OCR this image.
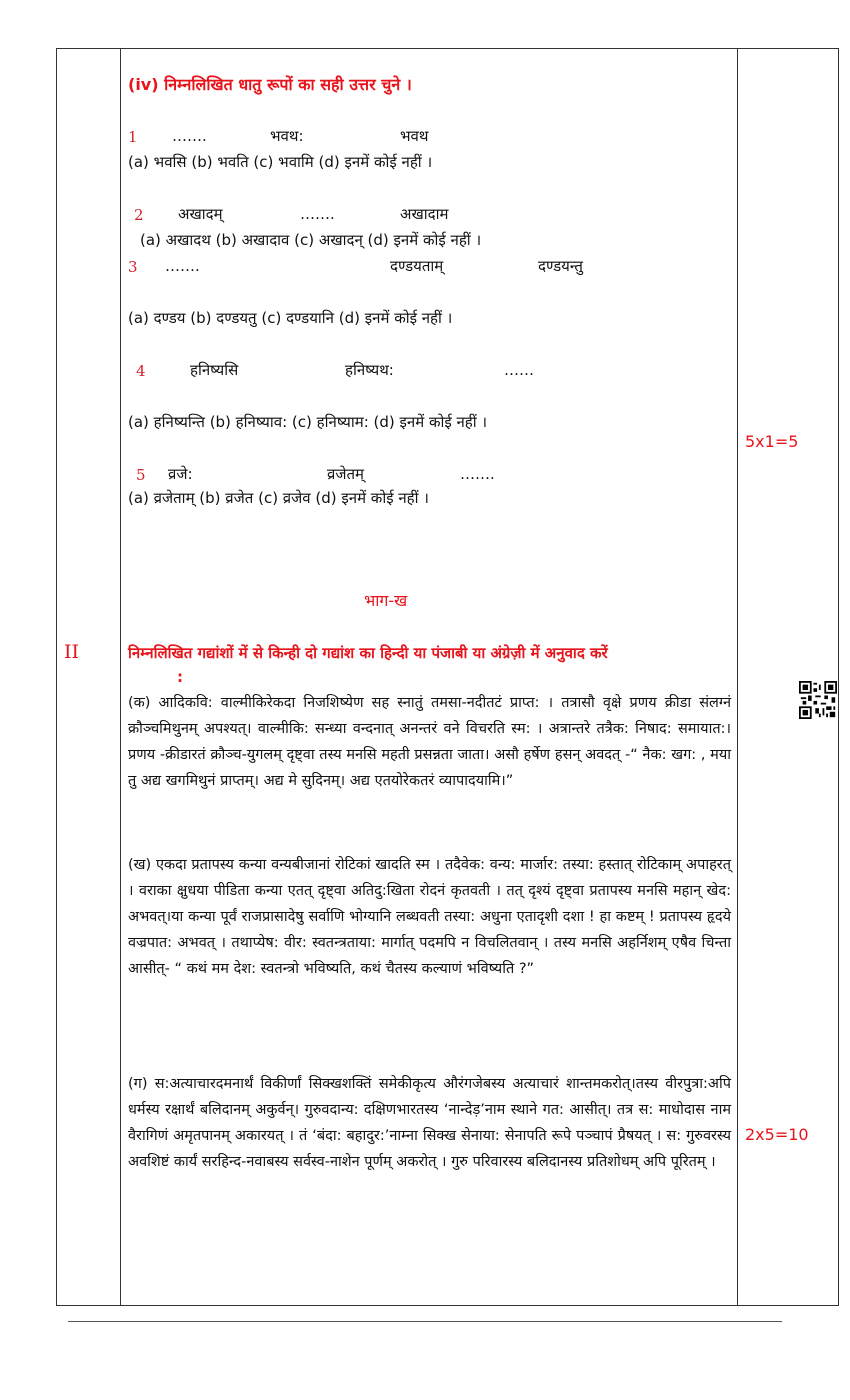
(iv) निम्नलिखित धातु रूपों का सही उत्तर चुने ।
1 …….	भवथ:	भवथ
(a) भवसि (b) भवति (c) भवामि (d) इनमें कोई नहीं ।
2 अखादम्	…….	अखादाम
(a) अखादथ (b) अखादाव (c) अखादन् (d) इनमें कोई नहीं ।
3 …….	दण्डयताम्	दण्डयन्तु
(a) दण्डय (b) दण्डयतु (c) दण्डयानि (d) इनमें कोई नहीं ।
4	हनिष्यसि	हनिष्यथ:	……
(a) हनिष्यन्ति (b) हनिष्याव: (c) हनिष्याम: (d) इनमें कोई नहीं ।
5 व्रजे:	व्रजेतम्	…….
(a) व्रजेताम् (b) व्रजेत (c) व्रजेव (d) इनमें कोई नहीं ।
5x1=5
भाग-ख
II	निम्नलिखित गद्यांशों में से किन्ही दो गद्यांश का हिन्दी या पंजाबी या अंग्रेज़ी में अनुवाद करें
:
(क) आदिकवि: वाल्मीकिरेकदा निजशिष्येण सह स्नातुं तमसा-नदीतटं प्राप्त: । तत्रासौ वृक्षे प्रणय क्रीडा संलग्नं क्रौञ्चमिथुनम् अपश्यत्। वाल्मीकि: सन्ध्या वन्दनात् अनन्तरं वने विचरति स्म: । अत्रान्तरे तत्रैक: निषाद: समायात:। प्रणय -क्रीडारतं क्रौञ्च-युगलम् दृष्ट्वा तस्य मनसि महती प्रसन्नता जाता। असौ हर्षेण हसन् अवदत् -“ नैक: खग: , मया तु अद्य खगमिथुनं प्राप्तम्। अद्य मे सुदिनम्। अद्य एतयोरेकतरं व्यापादयामि।”
(ख) एकदा प्रतापस्य कन्या वन्यबीजानां रोटिकां खादति स्म । तदैवेक: वन्य: मार्जार: तस्या: हस्तात् रोटिकाम् अपाहरत् । वराका क्षुधया पीडिता कन्या एतत् दृष्ट्वा अतिदु:खिता रोदनं कृतवती । तत् दृश्यं दृष्ट्वा प्रतापस्य मनसि महान् खेद: अभवत्।या कन्या पूर्वं राजप्रासादेषु सर्वाणि भोग्यानि लब्धवती तस्या: अधुना एतादृशी दशा ! हा कष्टम् ! प्रतापस्य हृदये वज्रपात: अभवत् । तथाप्येष: वीर: स्वतन्त्रताया: मार्गात् पदमपि न विचलितवान् । तस्य मनसि अहर्निशम् एषैव चिन्ता आसीत्- “ कथं मम देश: स्वतन्त्रो भविष्यति, कथं चैतस्य कल्याणं भविष्यति ?”
(ग) स:अत्याचारदमनार्थं विकीर्णां सिक्खशक्तिं समेकीकृत्य औरंगजेबस्य अत्याचारं शान्तमकरोत्।तस्य वीरपुत्रा:अपि धर्मस्य रक्षार्थं बलिदानम् अकुर्वन्। गुरुवदान्य: दक्षिणभारतस्य ‘नान्देड़’नाम स्थाने गत: आसीत्। तत्र स: माधोदास नाम वैरागिणं अमृतपानम् अकारयत् । तं ‘बंदा: बहादुर:’नाम्ना सिक्ख सेनाया: सेनापति रूपे पञ्चापं प्रैषयत् । स: गुरुवरस्य अवशिष्टं कार्यं सरहिन्द-नवाबस्य सर्वस्व-नाशेन पूर्णम् अकरोत् । गुरु परिवारस्य बलिदानस्य प्रतिशोधम् अपि पूरितम् ।
2x5=10
